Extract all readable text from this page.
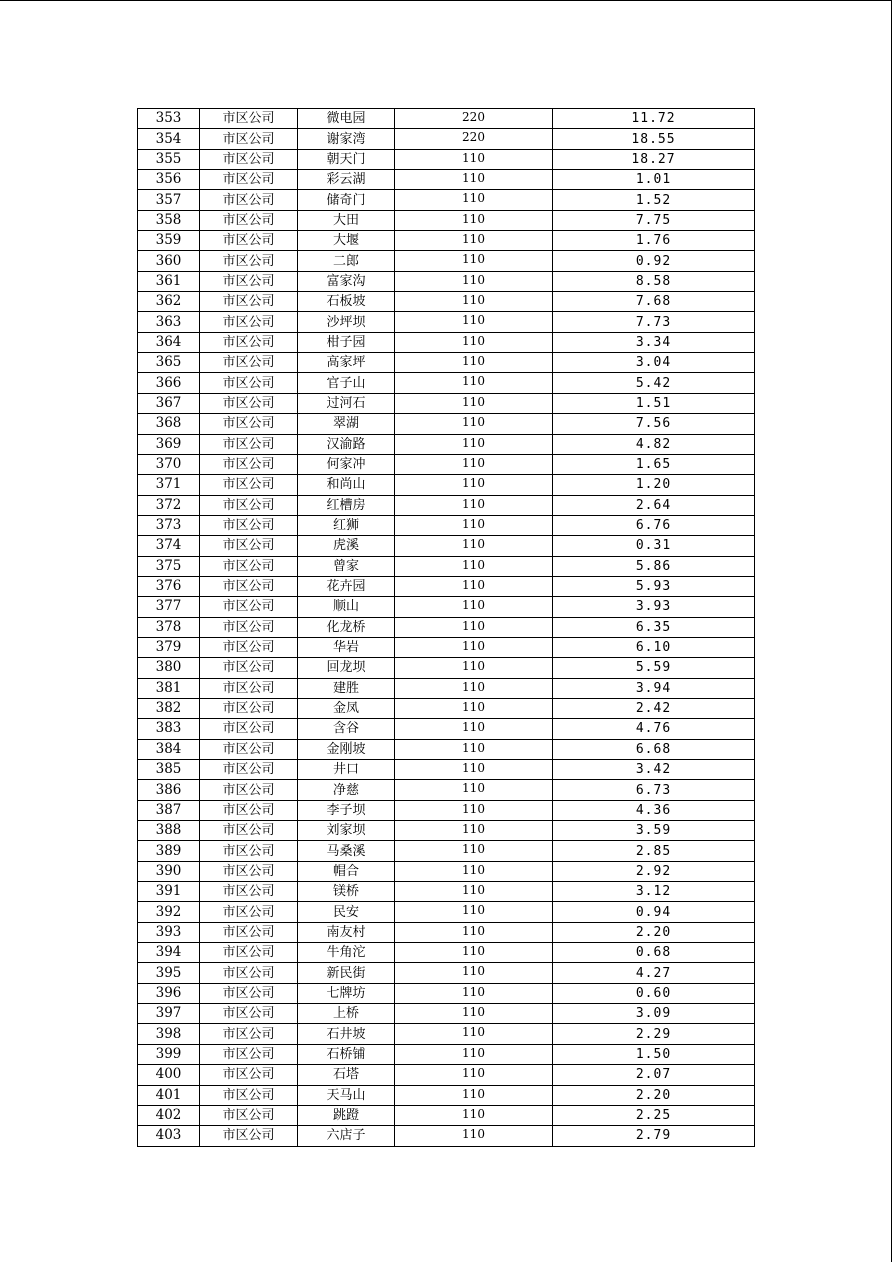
353	市区公司	微电园	220	11.72
354	市区公司	谢家湾	220	18.55
355	市区公司	朝天门	110	18.27
356	市区公司	彩云湖	110	1.01
357	市区公司	储奇门	110	1.52
358	市区公司	大田	110	7.75
359	市区公司	大堰	110	1.76
360	市区公司	二郎	110	0.92
361	市区公司	富家沟	110	8.58
362	市区公司	石板坡	110	7.68
363	市区公司	沙坪坝	110	7.73
364	市区公司	柑子园	110	3.34
365	市区公司	高家坪	110	3.04
366	市区公司	官子山	110	5.42
367	市区公司	过河石	110	1.51
368	市区公司	翠湖	110	7.56
369	市区公司	汉渝路	110	4.82
370	市区公司	何家冲	110	1.65
371	市区公司	和尚山	110	1.20
372	市区公司	红槽房	110	2.64
373	市区公司	红狮	110	6.76
374	市区公司	虎溪	110	0.31
375	市区公司	曾家	110	5.86
376	市区公司	花卉园	110	5.93
377	市区公司	顺山	110	3.93
378	市区公司	化龙桥	110	6.35
379	市区公司	华岩	110	6.10
380	市区公司	回龙坝	110	5.59
381	市区公司	建胜	110	3.94
382	市区公司	金凤	110	2.42
383	市区公司	含谷	110	4.76
384	市区公司	金刚坡	110	6.68
385	市区公司	井口	110	3.42
386	市区公司	净慈	110	6.73
387	市区公司	李子坝	110	4.36
388	市区公司	刘家坝	110	3.59
389	市区公司	马桑溪	110	2.85
390	市区公司	帽合	110	2.92
391	市区公司	镁桥	110	3.12
392	市区公司	民安	110	0.94
393	市区公司	南友村	110	2.20
394	市区公司	牛角沱	110	0.68
395	市区公司	新民街	110	4.27
396	市区公司	七牌坊	110	0.60
397	市区公司	上桥	110	3.09
398	市区公司	石井坡	110	2.29
399	市区公司	石桥铺	110	1.50
400	市区公司	石塔	110	2.07
401	市区公司	天马山	110	2.20
402	市区公司	跳蹬	110	2.25
403	市区公司	六店子	110	2.79
